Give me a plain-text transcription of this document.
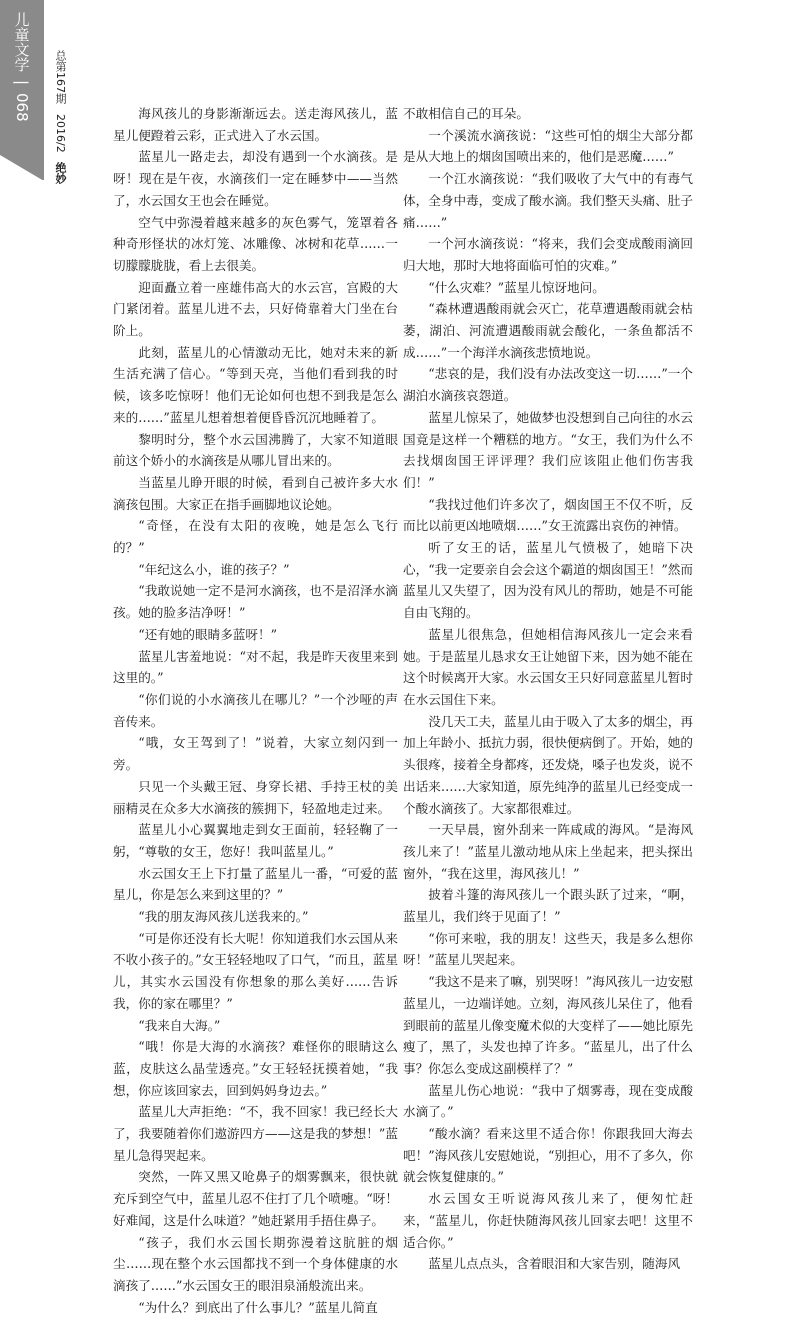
儿童文学
|
068
总第167期 2016/2 绝妙

海风孩儿的身影渐渐远去。送走海风孩儿，蓝星儿便蹬着云彩，正式进入了水云国。

蓝星儿一路走去，却没有遇到一个水滴孩。是呀！现在是午夜，水滴孩们一定在睡梦中——当然了，水云国女王也会在睡觉。

空气中弥漫着越来越多的灰色雾气，笼罩着各种奇形怪状的冰灯笼、冰雕像、冰树和花草……一切朦朦胧胧，看上去很美。

迎面矗立着一座雄伟高大的水云宫，宫殿的大门紧闭着。蓝星儿进不去，只好倚靠着大门坐在台阶上。

此刻，蓝星儿的心情激动无比，她对未来的新生活充满了信心。“等到天亮，当他们看到我的时候，该多吃惊呀！他们无论如何也想不到我是怎么来的……”蓝星儿想着想着便昏昏沉沉地睡着了。

黎明时分，整个水云国沸腾了，大家不知道眼前这个娇小的水滴孩是从哪儿冒出来的。

当蓝星儿睁开眼的时候，看到自己被许多大水滴孩包围。大家正在指手画脚地议论她。

“奇怪，在没有太阳的夜晚，她是怎么飞行的？”

“年纪这么小，谁的孩子？”

“我敢说她一定不是河水滴孩，也不是沼泽水滴孩。她的脸多洁净呀！”

“还有她的眼睛多蓝呀！”

蓝星儿害羞地说：“对不起，我是昨天夜里来到这里的。”

“你们说的小水滴孩儿在哪儿？”一个沙哑的声音传来。

“哦，女王驾到了！”说着，大家立刻闪到一旁。

只见一个头戴王冠、身穿长裙、手持王杖的美丽精灵在众多大水滴孩的簇拥下，轻盈地走过来。

蓝星儿小心翼翼地走到女王面前，轻轻鞠了一躬，“尊敬的女王，您好！我叫蓝星儿。”

水云国女王上下打量了蓝星儿一番，“可爱的蓝星儿，你是怎么来到这里的？”

“我的朋友海风孩儿送我来的。”

“可是你还没有长大呢！你知道我们水云国从来不收小孩子的。”女王轻轻地叹了口气，“而且，蓝星儿，其实水云国没有你想象的那么美好……告诉我，你的家在哪里？”

“我来自大海。”

“哦！你是大海的水滴孩？难怪你的眼睛这么蓝，皮肤这么晶莹透亮。”女王轻轻抚摸着她，“我想，你应该回家去，回到妈妈身边去。”

蓝星儿大声拒绝：“不，我不回家！我已经长大了，我要随着你们遨游四方——这是我的梦想！”蓝星儿急得哭起来。

突然，一阵又黑又呛鼻子的烟雾飘来，很快就充斥到空气中，蓝星儿忍不住打了几个喷嚏。“呀！好难闻，这是什么味道？”她赶紧用手捂住鼻子。

“孩子，我们水云国长期弥漫着这肮脏的烟尘……现在整个水云国都找不到一个身体健康的水滴孩了……”水云国女王的眼泪泉涌般流出来。

“为什么？到底出了什么事儿？”蓝星儿简直

不敢相信自己的耳朵。

一个溪流水滴孩说：“这些可怕的烟尘大部分都是从大地上的烟囱国喷出来的，他们是恶魔……”

一个江水滴孩说：“我们吸收了大气中的有毒气体，全身中毒，变成了酸水滴。我们整天头痛、肚子痛……”

一个河水滴孩说：“将来，我们会变成酸雨滴回归大地，那时大地将面临可怕的灾难。”

“什么灾难？”蓝星儿惊讶地问。

“森林遭遇酸雨就会灭亡，花草遭遇酸雨就会枯萎，湖泊、河流遭遇酸雨就会酸化，一条鱼都活不成……”一个海洋水滴孩悲愤地说。

“悲哀的是，我们没有办法改变这一切……”一个湖泊水滴孩哀怨道。

蓝星儿惊呆了，她做梦也没想到自己向往的水云国竟是这样一个糟糕的地方。“女王，我们为什么不去找烟囱国王评评理？我们应该阻止他们伤害我们！”

“我找过他们许多次了，烟囱国王不仅不听，反而比以前更凶地喷烟……”女王流露出哀伤的神情。

听了女王的话，蓝星儿气愤极了，她暗下决心，“我一定要亲自会会这个霸道的烟囱国王！”然而蓝星儿又失望了，因为没有风儿的帮助，她是不可能自由飞翔的。

蓝星儿很焦急，但她相信海风孩儿一定会来看她。于是蓝星儿恳求女王让她留下来，因为她不能在这个时候离开大家。水云国女王只好同意蓝星儿暂时在水云国住下来。

没几天工夫，蓝星儿由于吸入了太多的烟尘，再加上年龄小、抵抗力弱，很快便病倒了。开始，她的头很疼，接着全身都疼，还发烧，嗓子也发炎，说不出话来……大家知道，原先纯净的蓝星儿已经变成一个酸水滴孩了。大家都很难过。

一天早晨，窗外刮来一阵咸咸的海风。“是海风孩儿来了！”蓝星儿激动地从床上坐起来，把头探出窗外，“我在这里，海风孩儿！”

披着斗篷的海风孩儿一个跟头跃了过来，“啊，蓝星儿，我们终于见面了！”

“你可来啦，我的朋友！这些天，我是多么想你呀！”蓝星儿哭起来。

“我这不是来了嘛，别哭呀！”海风孩儿一边安慰蓝星儿，一边端详她。立刻，海风孩儿呆住了，他看到眼前的蓝星儿像变魔术似的大变样了——她比原先瘦了，黑了，头发也掉了许多。“蓝星儿，出了什么事？你怎么变成这副模样了？”

蓝星儿伤心地说：“我中了烟雾毒，现在变成酸水滴了。”

“酸水滴？看来这里不适合你！你跟我回大海去吧！”海风孩儿安慰她说，“别担心，用不了多久，你就会恢复健康的。”

水云国女王听说海风孩儿来了，便匆忙赶来，“蓝星儿，你赶快随海风孩儿回家去吧！这里不适合你。”

蓝星儿点点头，含着眼泪和大家告别，随海风
